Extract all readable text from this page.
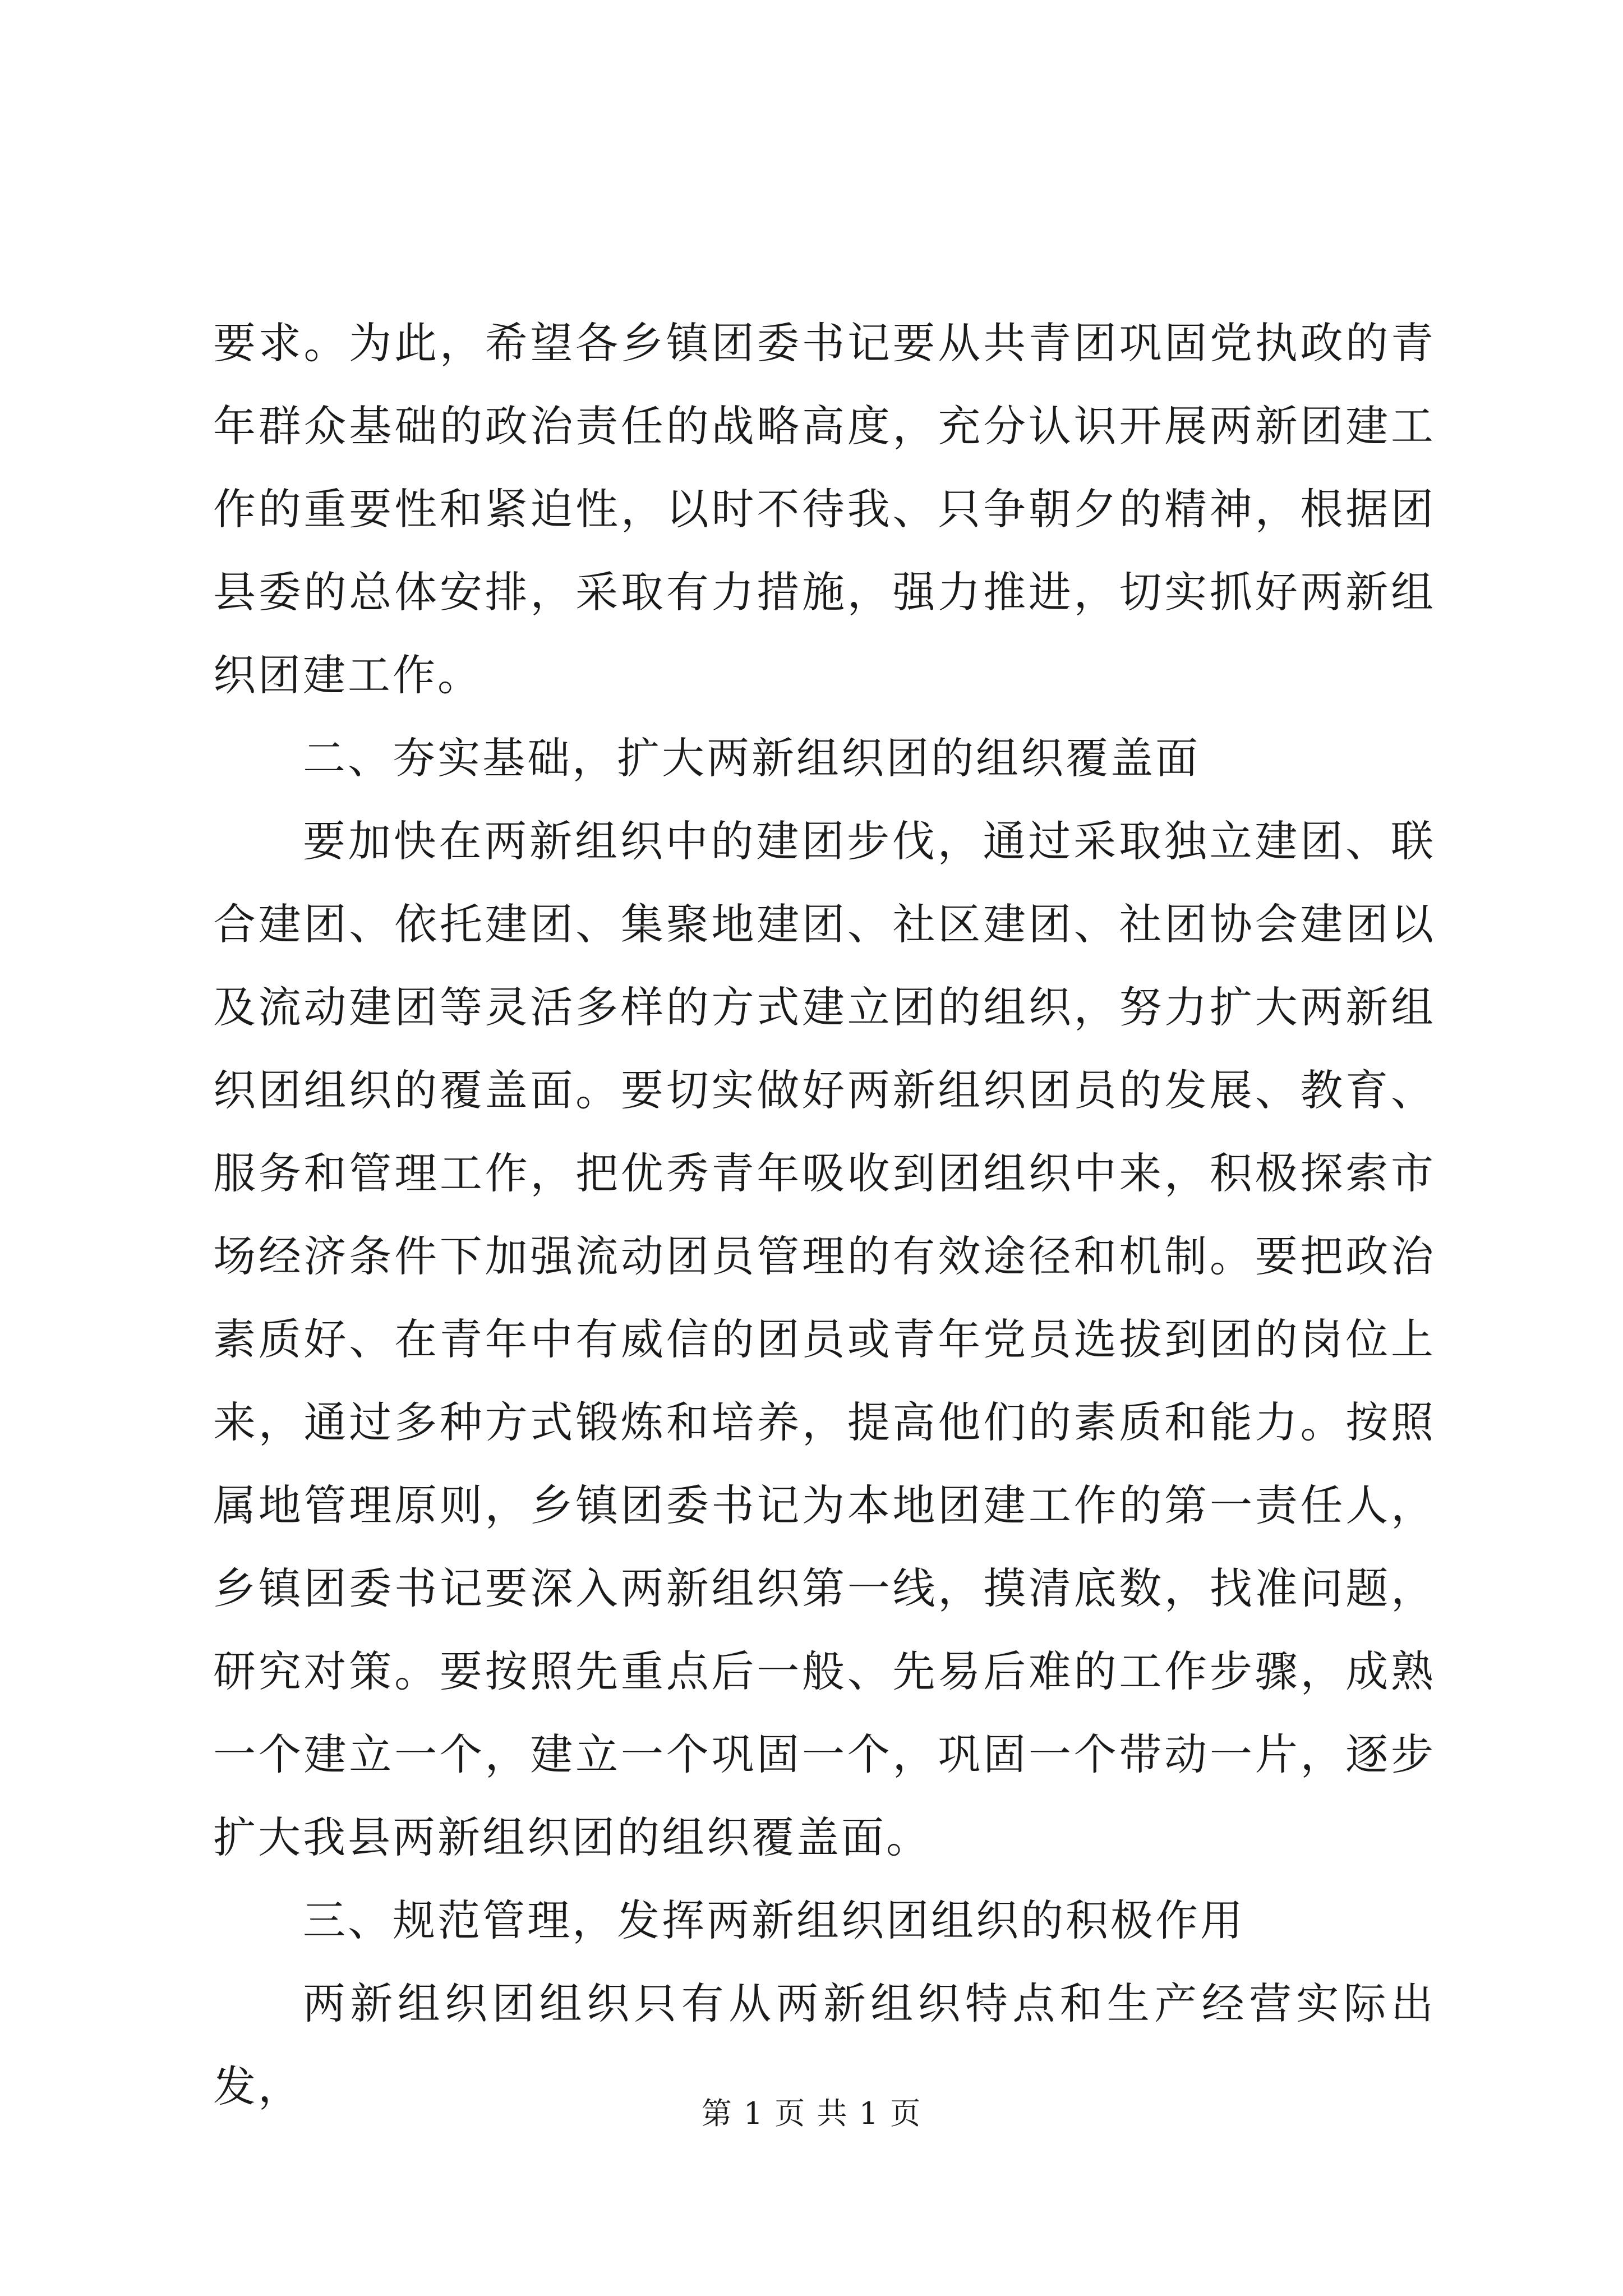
要求。为此，希望各乡镇团委书记要从共青团巩固党执政的青年群众基础的政治责任的战略高度，充分认识开展两新团建工作的重要性和紧迫性，以时不待我、只争朝夕的精神，根据团县委的总体安排，采取有力措施，强力推进，切实抓好两新组织团建工作。

二、夯实基础，扩大两新组织团的组织覆盖面

要加快在两新组织中的建团步伐，通过采取独立建团、联合建团、依托建团、集聚地建团、社区建团、社团协会建团以及流动建团等灵活多样的方式建立团的组织，努力扩大两新组织团组织的覆盖面。要切实做好两新组织团员的发展、教育、服务和管理工作，把优秀青年吸收到团组织中来，积极探索市场经济条件下加强流动团员管理的有效途径和机制。要把政治素质好、在青年中有威信的团员或青年党员选拔到团的岗位上来，通过多种方式锻炼和培养，提高他们的素质和能力。按照属地管理原则，乡镇团委书记为本地团建工作的第一责任人，乡镇团委书记要深入两新组织第一线，摸清底数，找准问题，研究对策。要按照先重点后一般、先易后难的工作步骤，成熟一个建立一个，建立一个巩固一个，巩固一个带动一片，逐步扩大我县两新组织团的组织覆盖面。

三、规范管理，发挥两新组织团组织的积极作用

两新组织团组织只有从两新组织特点和生产经营实际出发，

第 1 页 共 1 页
